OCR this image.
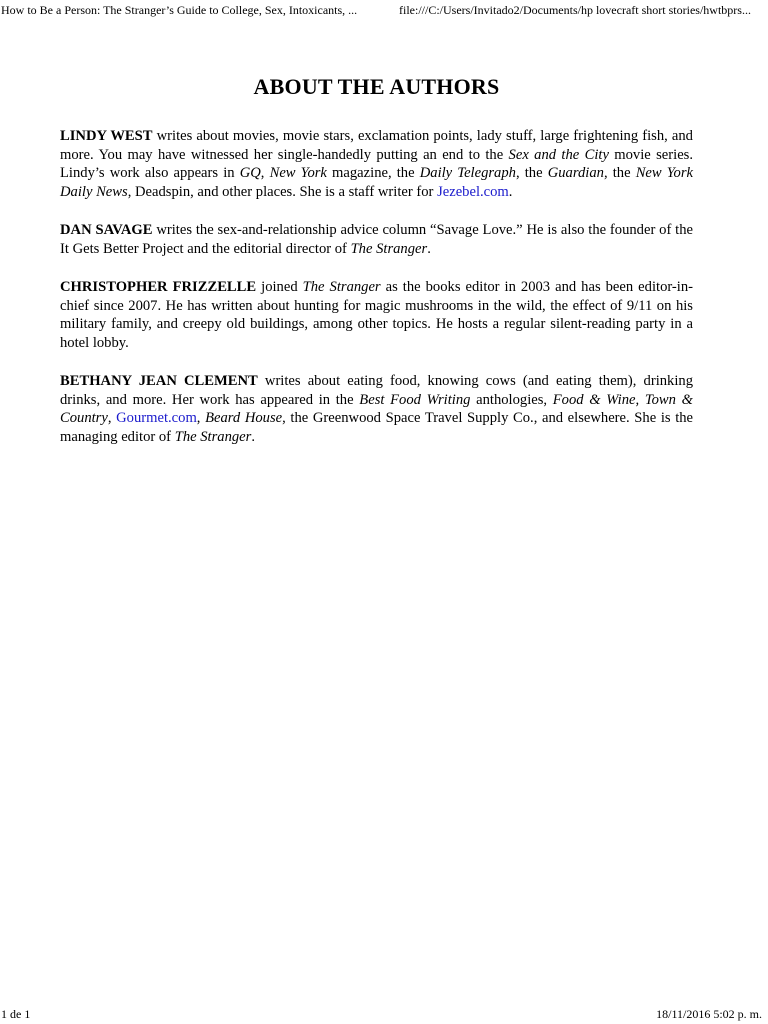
How to Be a Person: The Stranger’s Guide to College, Sex, Intoxicants, ...	file:///C:/Users/Invitado2/Documents/hp lovecraft short stories/hwtbprs...
ABOUT THE AUTHORS

LINDY WEST writes about movies, movie stars, exclamation points, lady stuff, large frightening fish, and more. You may have witnessed her single-handedly putting an end to the Sex and the City movie series. Lindy’s work also appears in GQ, New York magazine, the Daily Telegraph, the Guardian, the New York Daily News, Deadspin, and other places. She is a staff writer for Jezebel.com.

DAN SAVAGE writes the sex-and-relationship advice column “Savage Love.” He is also the founder of the It Gets Better Project and the editorial director of The Stranger.

CHRISTOPHER FRIZZELLE joined The Stranger as the books editor in 2003 and has been editor-in-chief since 2007. He has written about hunting for magic mushrooms in the wild, the effect of 9/11 on his military family, and creepy old buildings, among other topics. He hosts a regular silent-reading party in a hotel lobby.

BETHANY JEAN CLEMENT writes about eating food, knowing cows (and eating them), drinking drinks, and more. Her work has appeared in the Best Food Writing anthologies, Food & Wine, Town & Country, Gourmet.com, Beard House, the Greenwood Space Travel Supply Co., and elsewhere. She is the managing editor of The Stranger.

1 de 1	18/11/2016 5:02 p. m.
